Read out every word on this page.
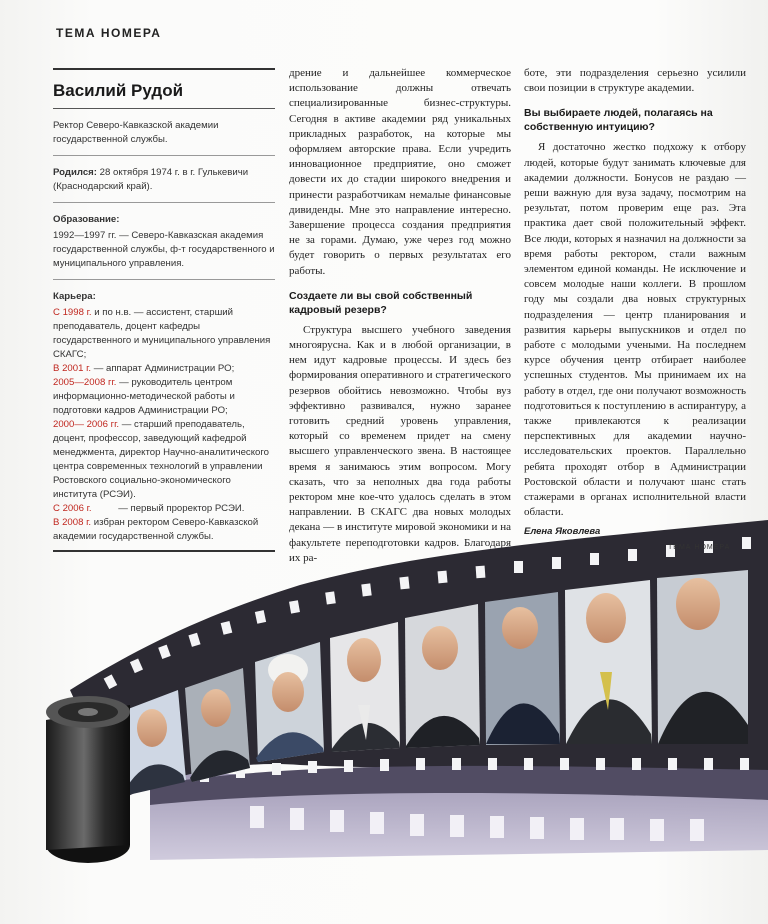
ТЕМА НОМЕРА
Василий Рудой

Ректор Северо-Кавказской академии государственной службы.

Родился: 28 октября 1974 г. в г. Гулькевичи (Краснодарский край).

Образование:

1992—1997 гг. — Северо-Кавказская академия государственной службы, ф-т государственного и муниципального управления.

Карьера:

С 1998 г. и по н.в. — ассистент, старший преподаватель, доцент кафедры государственного и муниципального управления СКАГС;

В 2001 г. — аппарат Администрации РО;

2005—2008 гг. — руководитель центром информационно-методической работы и подготовки кадров Администрации РО;

2000— 2006 гг. — старший преподаватель, доцент, профессор, заведующий кафедрой менеджмента, директор Научно-аналитического центра современных технологий в управлении Ростовского социально-экономического института (РСЭИ).

С 2006 г.          — первый проректор РСЭИ.

В 2008 г. избран ректором Северо-Кавказской академии государственной службы.

дрение и дальнейшее коммерческое использование должны отвечать специализированные бизнес-структуры. Сегодня в активе академии ряд уникальных прикладных разработок, на которые мы оформляем авторские права. Если учредить инновационное предприятие, оно сможет довести их до стадии широкого внедрения и принести разработчикам немалые финансовые дивиденды. Мне это направление интересно. Завершение процесса создания предприятия не за горами. Думаю, уже через год можно будет говорить о первых результатах его работы.

Создаете ли вы свой собственный кадровый резерв?

Структура высшего учебного заведения многоярусна. Как и в любой организации, в нем идут кадровые процессы. И здесь без формирования оперативного и стратегического резервов обойтись невозможно. Чтобы вуз эффективно развивался, нужно заранее готовить средний уровень управления, который со временем придет на смену высшего управленческого звена. В настоящее время я занимаюсь этим вопросом. Могу сказать, что за неполных два года работы ректором мне кое-что удалось сделать в этом направлении. В СКАГС два новых молодых декана — в институте мировой экономики и на факультете переподготовки кадров. Благодаря их ра-

боте, эти подразделения серьезно усилили свои позиции в структуре академии.

Вы выбираете людей, полагаясь на собственную интуицию?

Я достаточно жестко подхожу к отбору людей, которые будут занимать ключевые для академии должности. Бонусов не раздаю — реши важную для вуза задачу, посмотрим на результат, потом проверим еще раз. Эта практика дает свой положительный эффект. Все люди, которых я назначил на должности за время работы ректором, стали важным элементом единой команды. Не исключение и совсем молодые наши коллеги. В прошлом году мы создали два новых структурных подразделения — центр планирования и развития карьеры выпускников и отдел по работе с молодыми учеными. На последнем курсе обучения центр отбирает наиболее успешных студентов. Мы принимаем их на работу в отдел, где они получают возможность подготовиться к поступлению в аспирантуру, а также привлекаются к реализации перспективных для академии научно-исследовательских проектов. Параллельно ребята проходят отбор в Администрации Ростовской области и получают шанс стать стажерами в органах исполнительной власти области.

Елена Яковлева

ТЕМА НОМЕРА
